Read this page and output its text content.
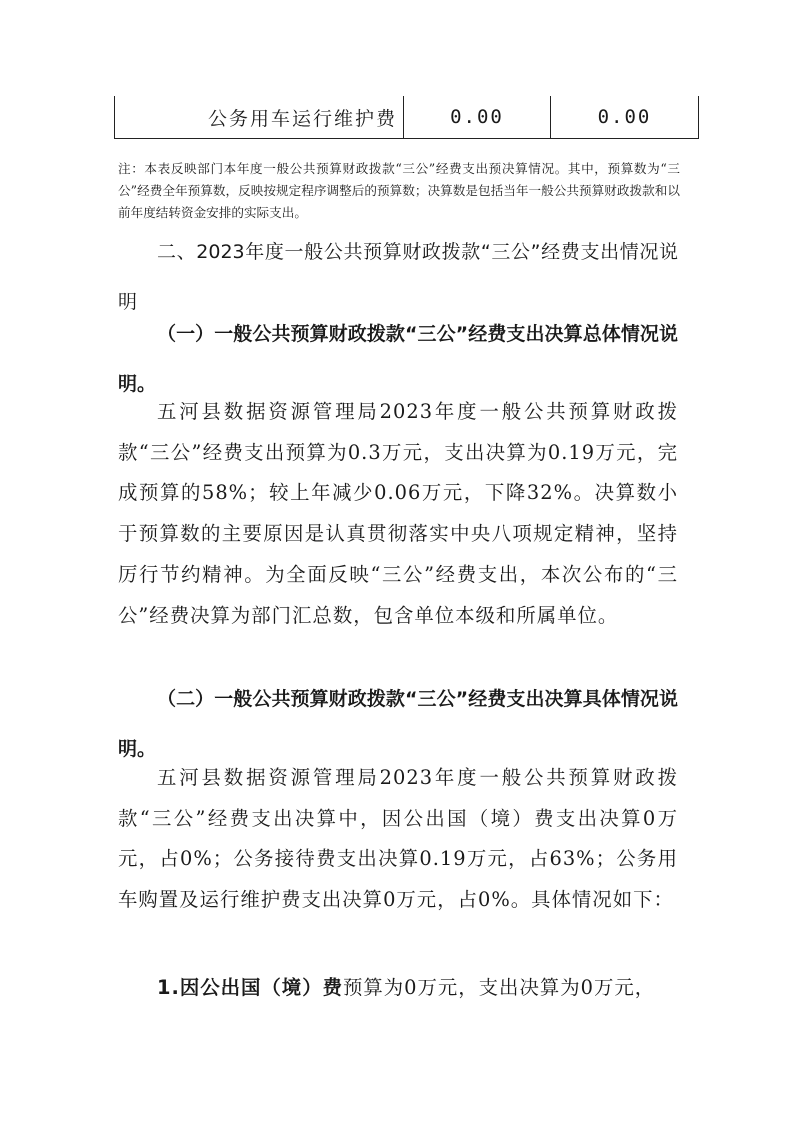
公务用车运行维护费	0.00	0.00
注：本表反映部门本年度一般公共预算财政拨款“三公”经费支出预决算情况。其中，预算数为“三公”经费全年预算数，反映按规定程序调整后的预算数；决算数是包括当年一般公共预算财政拨款和以前年度结转资金安排的实际支出。
二、2023年度一般公共预算财政拨款“三公”经费支出情况说明
（一）一般公共预算财政拨款“三公”经费支出决算总体情况说明。
五河县数据资源管理局2023年度一般公共预算财政拨款“三公”经费支出预算为0.3万元，支出决算为0.19万元，完成预算的58%；较上年减少0.06万元，下降32%。决算数小于预算数的主要原因是认真贯彻落实中央八项规定精神，坚持厉行节约精神。为全面反映“三公”经费支出，本次公布的“三公”经费决算为部门汇总数，包含单位本级和所属单位。
（二）一般公共预算财政拨款“三公”经费支出决算具体情况说明。
五河县数据资源管理局2023年度一般公共预算财政拨款“三公”经费支出决算中，因公出国（境）费支出决算0万元，占0%；公务接待费支出决算0.19万元，占63%；公务用车购置及运行维护费支出决算0万元，占0%。具体情况如下：
1.因公出国（境）费预算为0万元，支出决算为0万元，
